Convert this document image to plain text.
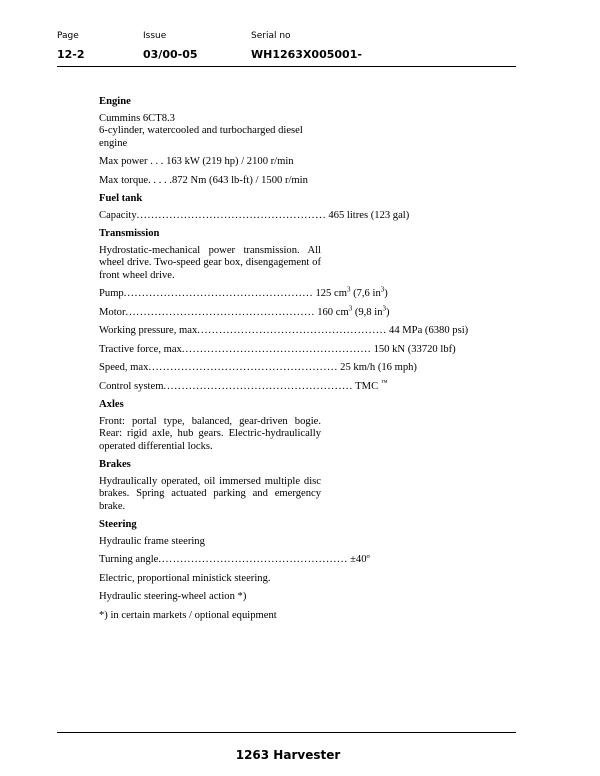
Page	Issue	Serial no
12-2	03/00-05	WH1263X005001-
Engine
Cummins 6CT8.3
6-cylinder, watercooled and turbocharged diesel engine
Max power . . . 163 kW (219 hp) / 2100 r/min
Max torque. . . . .872 Nm (643 lb-ft) / 1500 r/min
Fuel tank
Capacity .................................................... 465 litres (123 gal)
Transmission
Hydrostatic-mechanical power transmission. All wheel drive. Two-speed gear box, disengagement of front wheel drive.
Pump .................................................... 125 $cm^3$ (7,6 $in^3$)
Motor .................................................... 160 $cm^3$ (9,8 $in^3$)
Working pressure, max .................................................... 44 MPa (6380 psi)
Tractive force, max .................................................... 150 kN (33720 lbf)
Speed, max .................................................... 25 km/h (16 mph)
Control system .................................................... TMC ™
Axles
Front: portal type, balanced, gear-driven bogie. Rear: rigid axle, hub gears. Electric-hydraulically operated differential locks.
Brakes
Hydraulically operated, oil immersed multiple disc brakes. Spring actuated parking and emergency brake.
Steering
Hydraulic frame steering
Turning angle .................................................... ±40º
Electric, proportional ministick steering.
Hydraulic steering-wheel action *)
*) in certain markets / optional equipment
1263 Harvester
